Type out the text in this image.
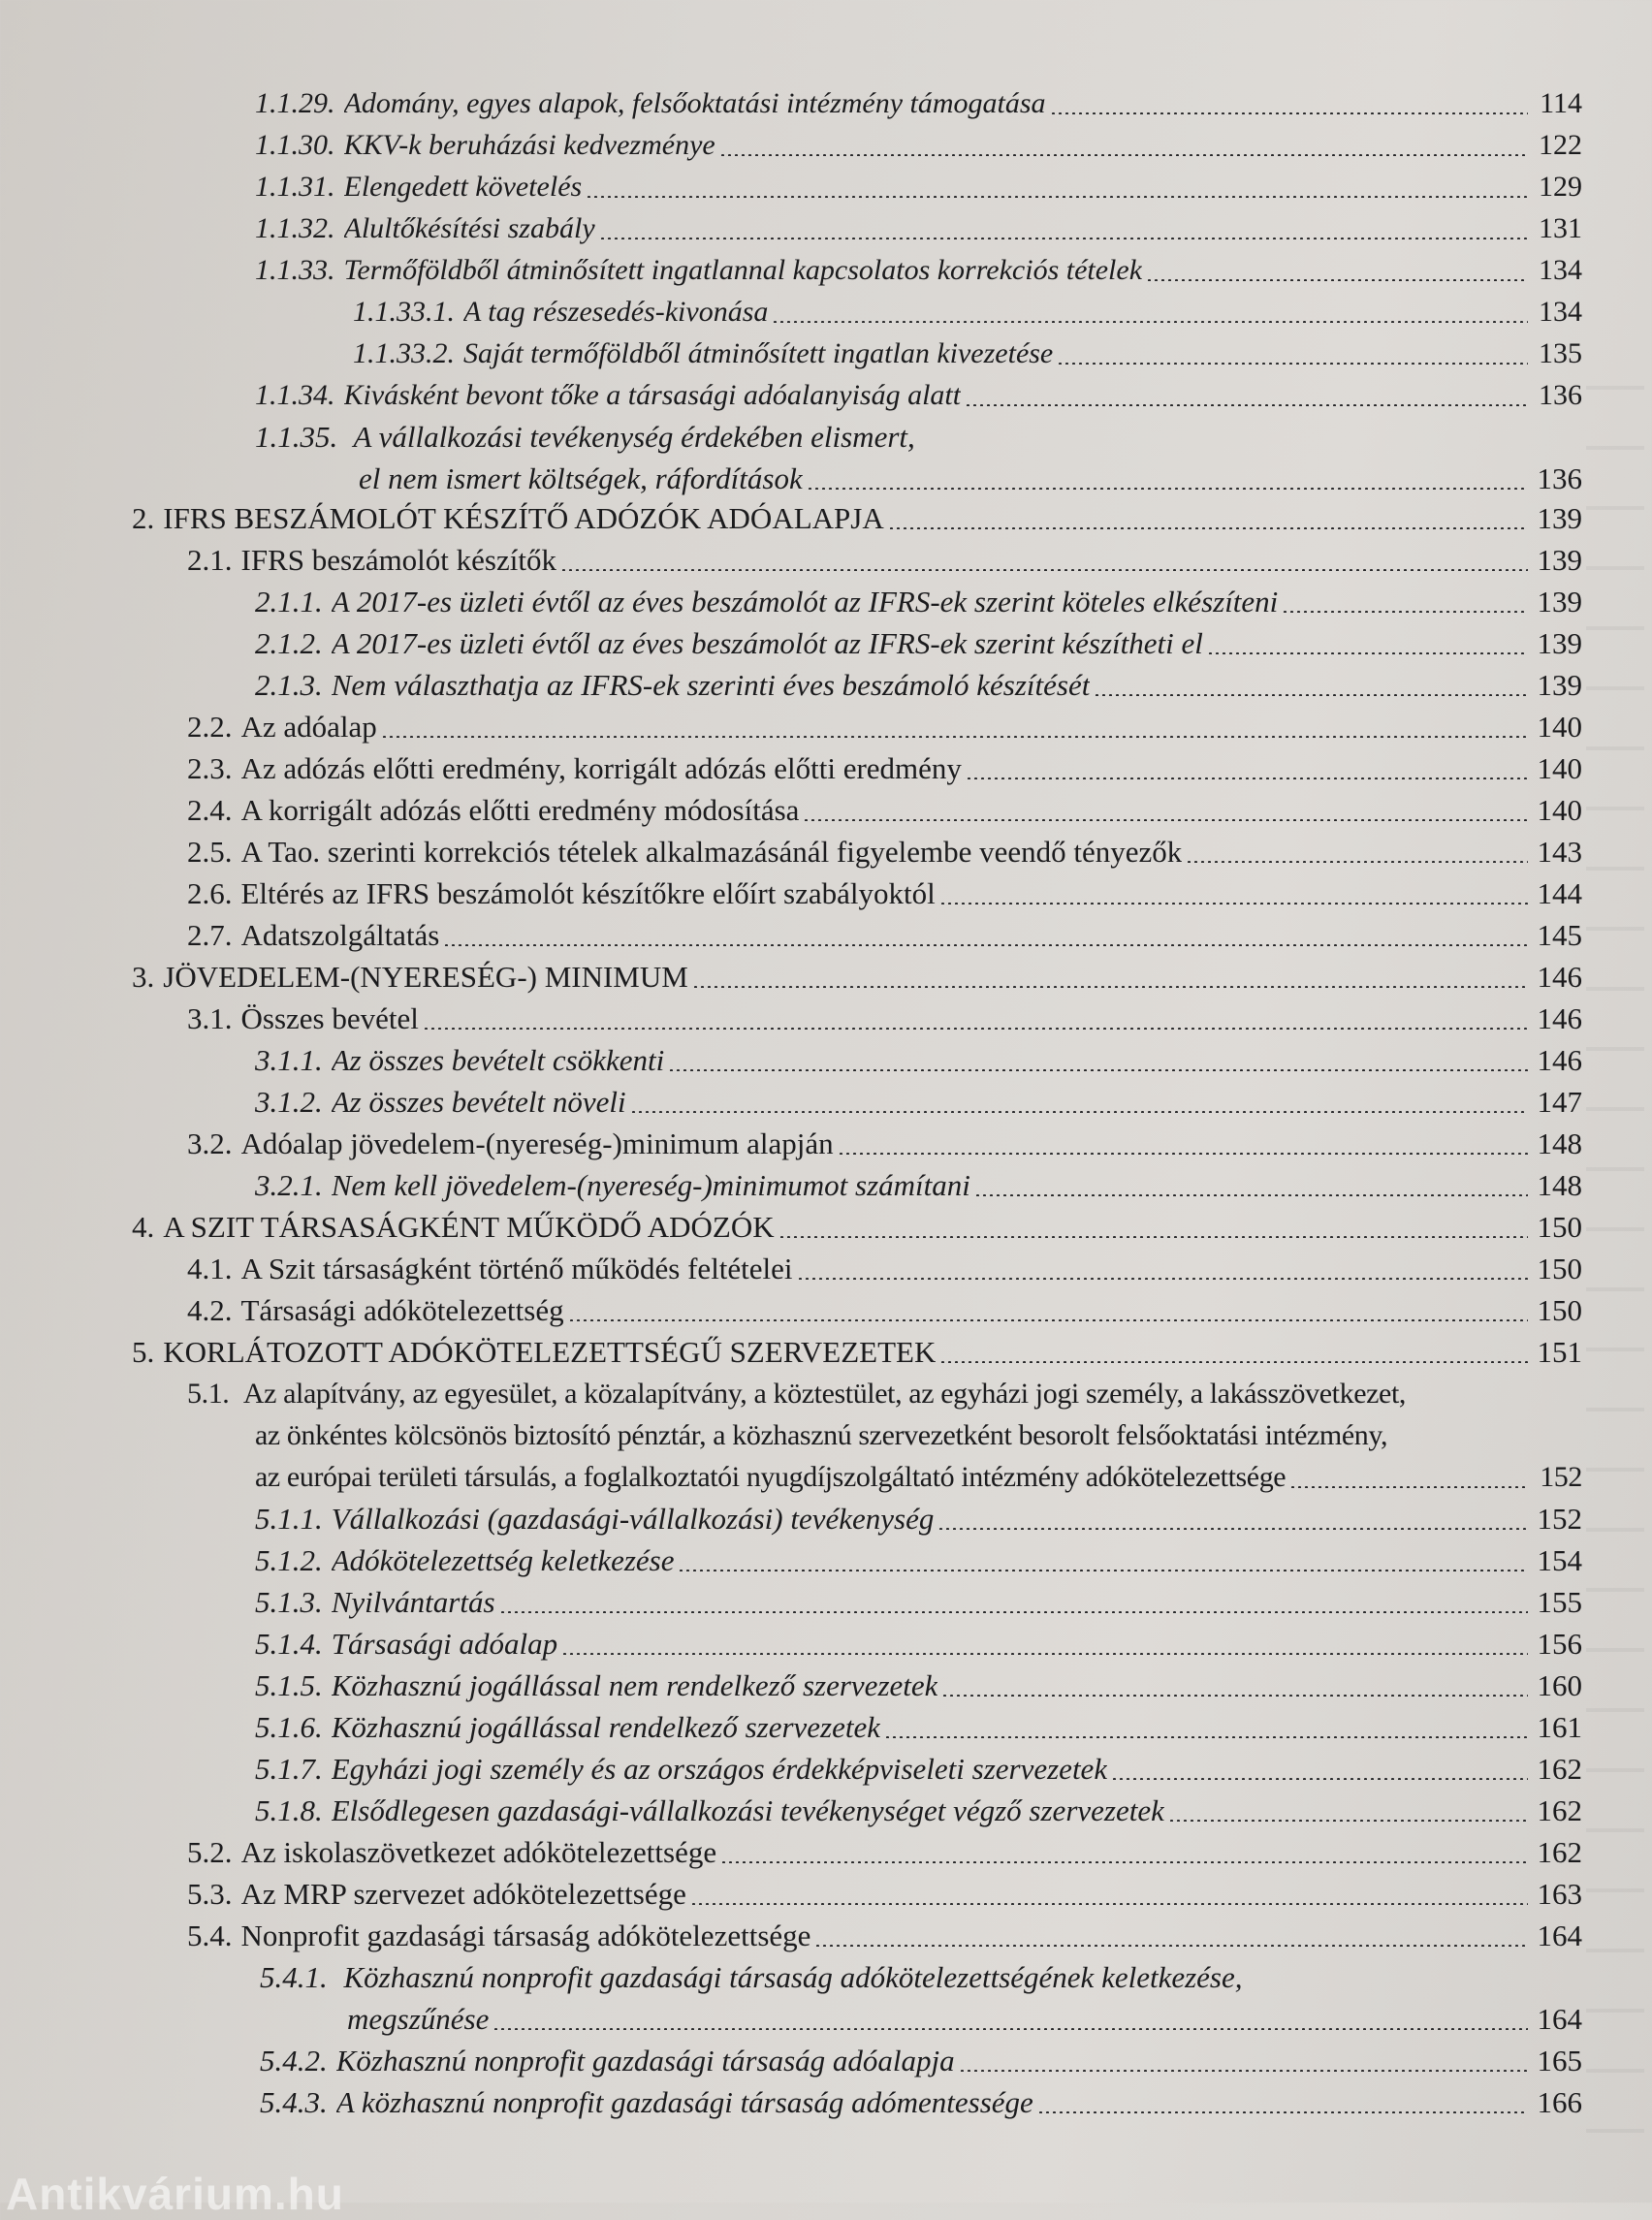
1.1.29. Adomány, egyes alapok, felsőoktatási intézmény támogatása	114
1.1.30. KKV-k beruházási kedvezménye	122
1.1.31. Elengedett követelés	129
1.1.32. Alultőkésítési szabály	131
1.1.33. Termőföldből átminősített ingatlannal kapcsolatos korrekciós tételek	134
1.1.33.1. A tag részesedés-kivonása	134
1.1.33.2. Saját termőföldből átminősített ingatlan kivezetése	135
1.1.34. Kivásként bevont tőke a társasági adóalanyiság alatt	136
1.1.35. A vállalkozási tevékenység érdekében elismert,
el nem ismert költségek, ráfordítások	136
2. IFRS BESZÁMOLÓT KÉSZÍTŐ ADÓZÓK ADÓALAPJA	139
2.1. IFRS beszámolót készítők	139
2.1.1. A 2017-es üzleti évtől az éves beszámolót az IFRS-ek szerint köteles elkészíteni	139
2.1.2. A 2017-es üzleti évtől az éves beszámolót az IFRS-ek szerint készítheti el	139
2.1.3. Nem választhatja az IFRS-ek szerinti éves beszámoló készítését	139
2.2. Az adóalap	140
2.3. Az adózás előtti eredmény, korrigált adózás előtti eredmény	140
2.4. A korrigált adózás előtti eredmény módosítása	140
2.5. A Tao. szerinti korrekciós tételek alkalmazásánál figyelembe veendő tényezők	143
2.6. Eltérés az IFRS beszámolót készítőkre előírt szabályoktól	144
2.7. Adatszolgáltatás	145
3. JÖVEDELEM-(NYERESÉG-) MINIMUM	146
3.1. Összes bevétel	146
3.1.1. Az összes bevételt csökkenti	146
3.1.2. Az összes bevételt növeli	147
3.2. Adóalap jövedelem-(nyereség-)minimum alapján	148
3.2.1. Nem kell jövedelem-(nyereség-)minimumot számítani	148
4. A SZIT TÁRSASÁGKÉNT MŰKÖDŐ ADÓZÓK	150
4.1. A Szit társaságként történő működés feltételei	150
4.2. Társasági adókötelezettség	150
5. KORLÁTOZOTT ADÓKÖTELEZETTSÉGŰ SZERVEZETEK	151
5.1. Az alapítvány, az egyesület, a közalapítvány, a köztestület, az egyházi jogi személy, a lakásszövetkezet,
az önkéntes kölcsönös biztosító pénztár, a közhasznú szervezetként besorolt felsőoktatási intézmény,
az európai területi társulás, a foglalkoztatói nyugdíjszolgáltató intézmény adókötelezettsége	152
5.1.1. Vállalkozási (gazdasági-vállalkozási) tevékenység	152
5.1.2. Adókötelezettség keletkezése	154
5.1.3. Nyilvántartás	155
5.1.4. Társasági adóalap	156
5.1.5. Közhasznú jogállással nem rendelkező szervezetek	160
5.1.6. Közhasznú jogállással rendelkező szervezetek	161
5.1.7. Egyházi jogi személy és az országos érdekképviseleti szervezetek	162
5.1.8. Elsődlegesen gazdasági-vállalkozási tevékenységet végző szervezetek	162
5.2. Az iskolaszövetkezet adókötelezettsége	162
5.3. Az MRP szervezet adókötelezettsége	163
5.4. Nonprofit gazdasági társaság adókötelezettsége	164
5.4.1. Közhasznú nonprofit gazdasági társaság adókötelezettségének keletkezése,
megszűnése	164
5.4.2. Közhasznú nonprofit gazdasági társaság adóalapja	165
5.4.3. A közhasznú nonprofit gazdasági társaság adómentessége	166
Antikvárium.hu
